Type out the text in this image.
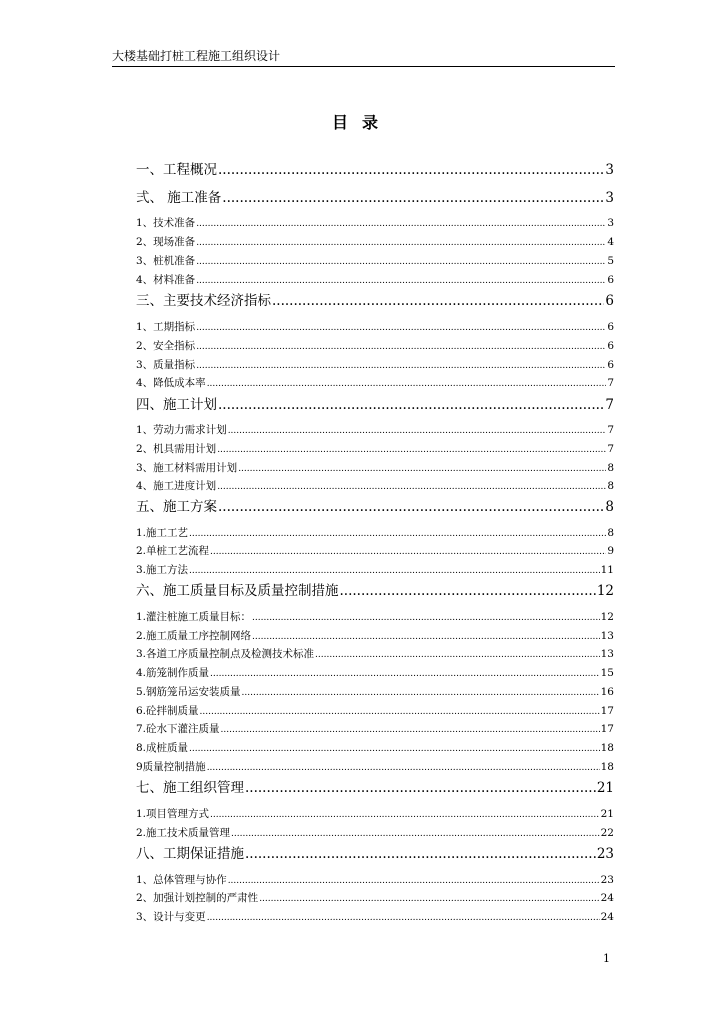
大楼基础打桩工程施工组织设计
目录
一、工程概况 .....	3
弍、 施工准备 .....	3
1、技术准备 .....	3
2、现场准备 .....	4
3、桩机准备 .....	5
4、材料准备 .....	6
三、主要技术经济指标 .....	6
1、工期指标 .....	6
2、安全指标 .....	6
3、质量指标 .....	6
4、降低成本率 .....	7
四、施工计划 .....	7
1、劳动力需求计划 .....	7
2、机具需用计划 .....	7
3、施工材料需用计划 .....	8
4、施工进度计划 .....	8
五、施工方案 .....	8
1.施工工艺 .....	8
2.单桩工艺流程 .....	9
3.施工方法 .....	11
六、施工质量目标及质量控制措施 .....	12
1.灌注桩施工质量目标： .....	12
2.施工质量工序控制网络 .....	13
3.各道工序质量控制点及检测技术标准 .....	13
4.筋笼制作质量 .....	15
5.钢筋笼吊运安装质量 .....	16
6.砼拌制质量 .....	17
7.砼水下灌注质量 .....	17
8.成桩质量 .....	18
9质量控制措施 .....	18
七、施工组织管理 .....	21
1.项目管理方式 .....	21
2.施工技术质量管理 .....	22
八、工期保证措施 .....	23
1、总体管理与协作 .....	23
2、加强计划控制的严肃性 .....	24
3、设计与变更 .....	24
1
